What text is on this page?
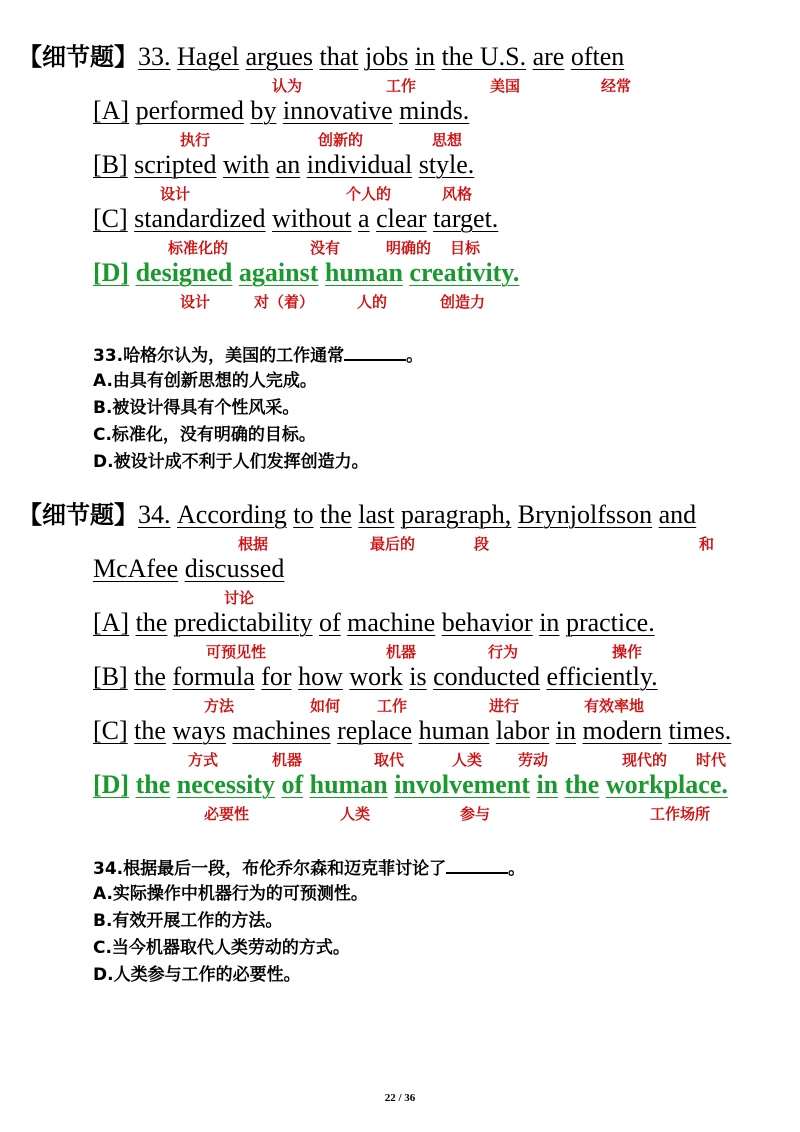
【细节题】33. Hagel argues that jobs in the U.S. are often
认为	工作	美国	经常
[A] performed by innovative minds.
执行	创新的	思想
[B] scripted with an individual style.
设计	个人的	风格
[C] standardized without a clear target.
标准化的	没有	明确的 目标
[D] designed against human creativity.
设计	对（着）	人的	创造力
33.哈格尔认为，美国的工作通常	。
A.由具有创新思想的人完成。
B.被设计得具有个性风采。
C.标准化，没有明确的目标。
D.被设计成不利于人们发挥创造力。
【细节题】34. According to the last paragraph, Brynjolfsson and
根据	最后的	段	和
McAfee discussed
讨论
[A] the predictability of machine behavior in practice.
可预见性	机器	行为	操作
[B] the formula for how work is conducted efficiently.
方法	如何 工作	进行	有效率地
[C] the ways machines replace human labor in modern times.
方式	机器	取代	人类 劳动	现代的 时代
[D] the necessity of human involvement in the workplace.
必要性	人类	参与	工作场所
34.根据最后一段，布伦乔尔森和迈克菲讨论了	。
A.实际操作中机器行为的可预测性。
B.有效开展工作的方法。
C.当今机器取代人类劳动的方式。
D.人类参与工作的必要性。
22 / 36
